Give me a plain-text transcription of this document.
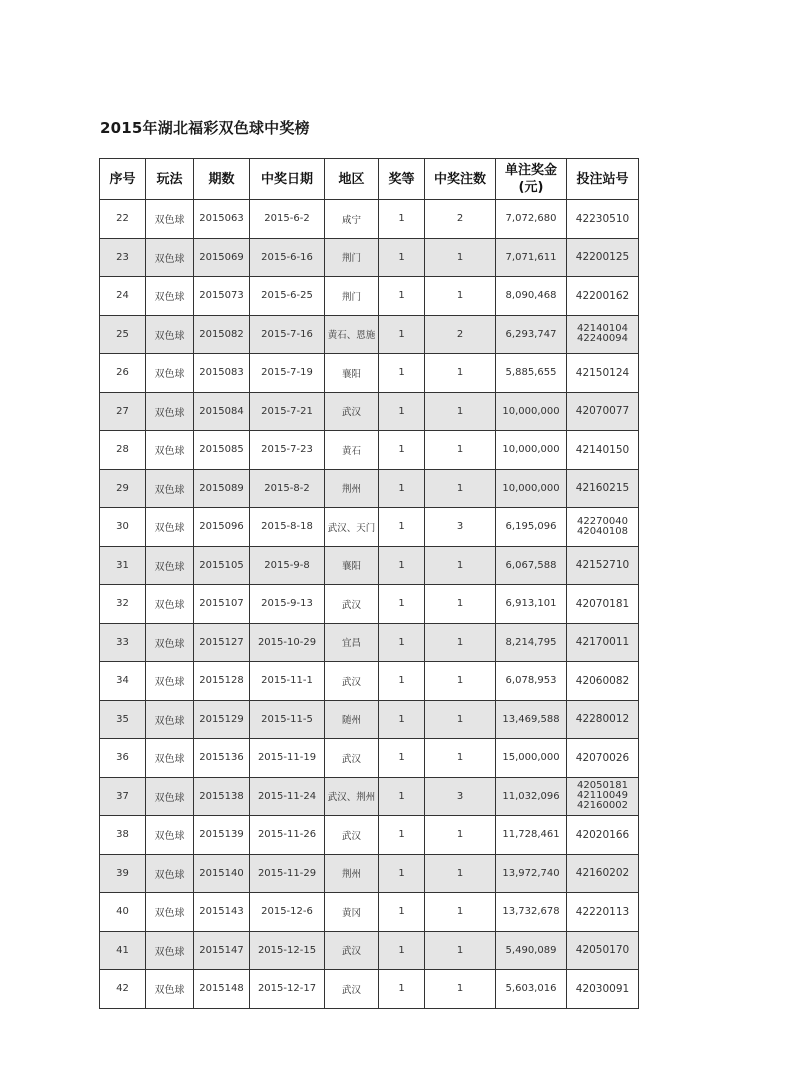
2015年湖北福彩双色球中奖榜
序号	玩法	期数	中奖日期	地区	奖等	中奖注数	单注奖金
(元)	投注站号
22	双色球	2015063	2015-6-2	咸宁	1	2	7,072,680	42230510

23	双色球	2015069	2015-6-16	荆门	1	1	7,071,611	42200125

24	双色球	2015073	2015-6-25	荆门	1	1	8,090,468	42200162

25	双色球	2015082	2015-7-16	黄石、恩施	1	2	6,293,747	42140104
42240094

26	双色球	2015083	2015-7-19	襄阳	1	1	5,885,655	42150124

27	双色球	2015084	2015-7-21	武汉	1	1	10,000,000	42070077

28	双色球	2015085	2015-7-23	黄石	1	1	10,000,000	42140150

29	双色球	2015089	2015-8-2	荆州	1	1	10,000,000	42160215

30	双色球	2015096	2015-8-18	武汉、天门	1	3	6,195,096	42270040
42040108

31	双色球	2015105	2015-9-8	襄阳	1	1	6,067,588	42152710

32	双色球	2015107	2015-9-13	武汉	1	1	6,913,101	42070181

33	双色球	2015127	2015-10-29	宜昌	1	1	8,214,795	42170011

34	双色球	2015128	2015-11-1	武汉	1	1	6,078,953	42060082

35	双色球	2015129	2015-11-5	随州	1	1	13,469,588	42280012

36	双色球	2015136	2015-11-19	武汉	1	1	15,000,000	42070026

37	双色球	2015138	2015-11-24	武汉、荆州	1	3	11,032,096	42050181
42110049
42160002

38	双色球	2015139	2015-11-26	武汉	1	1	11,728,461	42020166

39	双色球	2015140	2015-11-29	荆州	1	1	13,972,740	42160202

40	双色球	2015143	2015-12-6	黄冈	1	1	13,732,678	42220113

41	双色球	2015147	2015-12-15	武汉	1	1	5,490,089	42050170

42	双色球	2015148	2015-12-17	武汉	1	1	5,603,016	42030091
